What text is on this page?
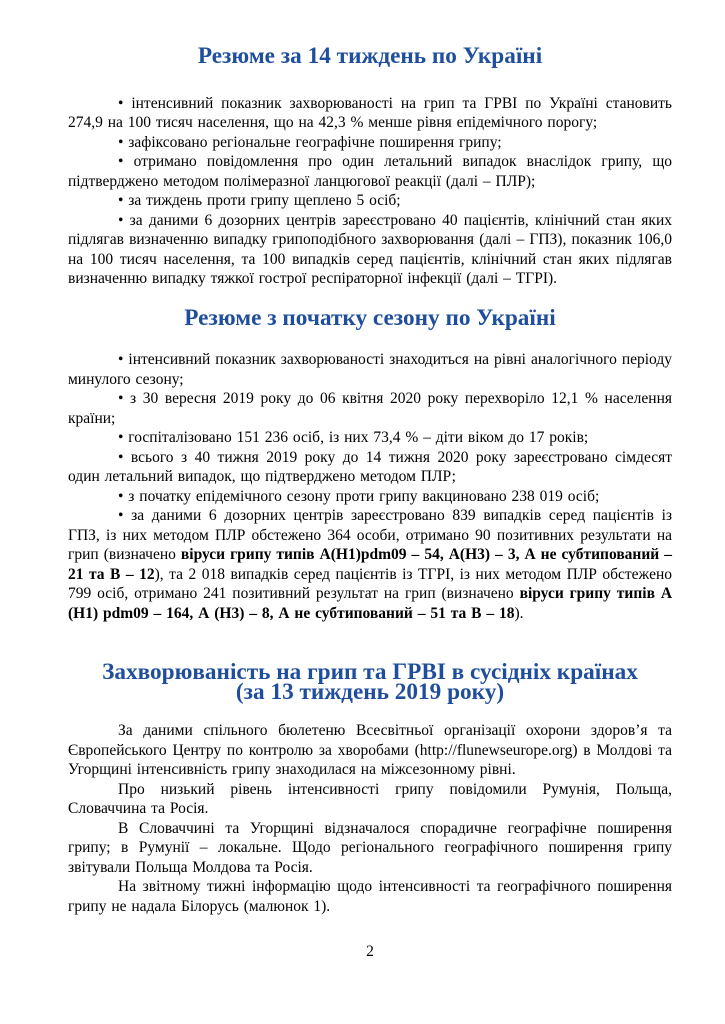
Резюме за 14 тиждень по Україні

• інтенсивний показник захворюваності на грип та ГРВІ по Україні становить 274,9 на 100 тисяч населення, що на 42,3 % менше рівня епідемічного порогу;

• зафіксовано регіональне географічне поширення грипу;

• отримано повідомлення про один летальний випадок внаслідок грипу, що підтверджено методом полімеразної ланцюгової реакції (далі – ПЛР);

• за тиждень проти грипу щеплено 5 осіб;

• за даними 6 дозорних центрів зареєстровано 40 пацієнтів, клінічний стан яких підлягав визначенню випадку грипоподібного захворювання (далі – ГПЗ), показник 106,0 на 100 тисяч населення, та 100 випадків серед пацієнтів, клінічний стан яких підлягав визначенню випадку тяжкої гострої респіраторної інфекції (далі – ТГРІ).

Резюме з початку сезону по Україні

• інтенсивний показник захворюваності знаходиться на рівні аналогічного періоду минулого сезону;

• з 30 вересня 2019 року до 06 квітня 2020 року перехворіло 12,1 % населення країни;

• госпіталізовано 151 236 осіб, із них 73,4 % – діти віком до 17 років;

• всього з 40 тижня 2019 року до 14 тижня 2020 року зареєстровано сімдесят один летальний випадок, що підтверджено методом ПЛР;

• з початку епідемічного сезону проти грипу вакциновано 238 019 осіб;

• за даними 6 дозорних центрів зареєстровано 839 випадків серед пацієнтів із ГПЗ, із них методом ПЛР обстежено 364 особи, отримано 90 позитивних результати на грип (визначено віруси грипу типів А(Н1)pdm09 – 54, А(Н3) – 3, А не субтипований – 21 та В – 12), та 2 018 випадків серед пацієнтів із ТГРІ, із них методом ПЛР обстежено 799 осіб, отримано 241 позитивний результат на грип (визначено віруси грипу типів А (Н1) pdm09 – 164, А (Н3) – 8, А не субтипований – 51 та В – 18).

Захворюваність на грип та ГРВІ в сусідніх країнах
(за 13 тиждень 2019 року)

За даними спільного бюлетеню Всесвітньої організації охорони здоров’я та Європейського Центру по контролю за хворобами (http://flunewseurope.org) в Молдові та Угорщині інтенсивність грипу знаходилася на міжсезонному рівні.

Про низький рівень інтенсивності грипу повідомили Румунія, Польща, Словаччина та Росія.

В Словаччині та Угорщині відзначалося спорадичне географічне поширення грипу; в Румунії – локальне. Щодо регіонального географічного поширення грипу звітували Польща Молдова та Росія.

На звітному тижні інформацію щодо інтенсивності та географічного поширення грипу не надала Білорусь (малюнок 1).

2
